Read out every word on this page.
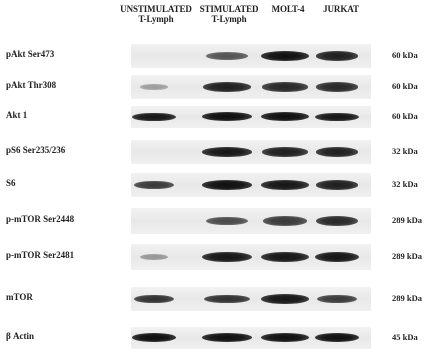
UNSTIMULATED
T-Lymph
STIMULATED
T-Lymph
MOLT-4	JURKAT
pAkt Ser473	60 kDa
pAkt Thr308	60 kDa
Akt 1	60 kDa
pS6 Ser235/236	32 kDa
S6	32 kDa
p-mTOR Ser2448	289 kDa
p-mTOR Ser2481	289 kDa
mTOR	289 kDa
β Actin	45 kDa
